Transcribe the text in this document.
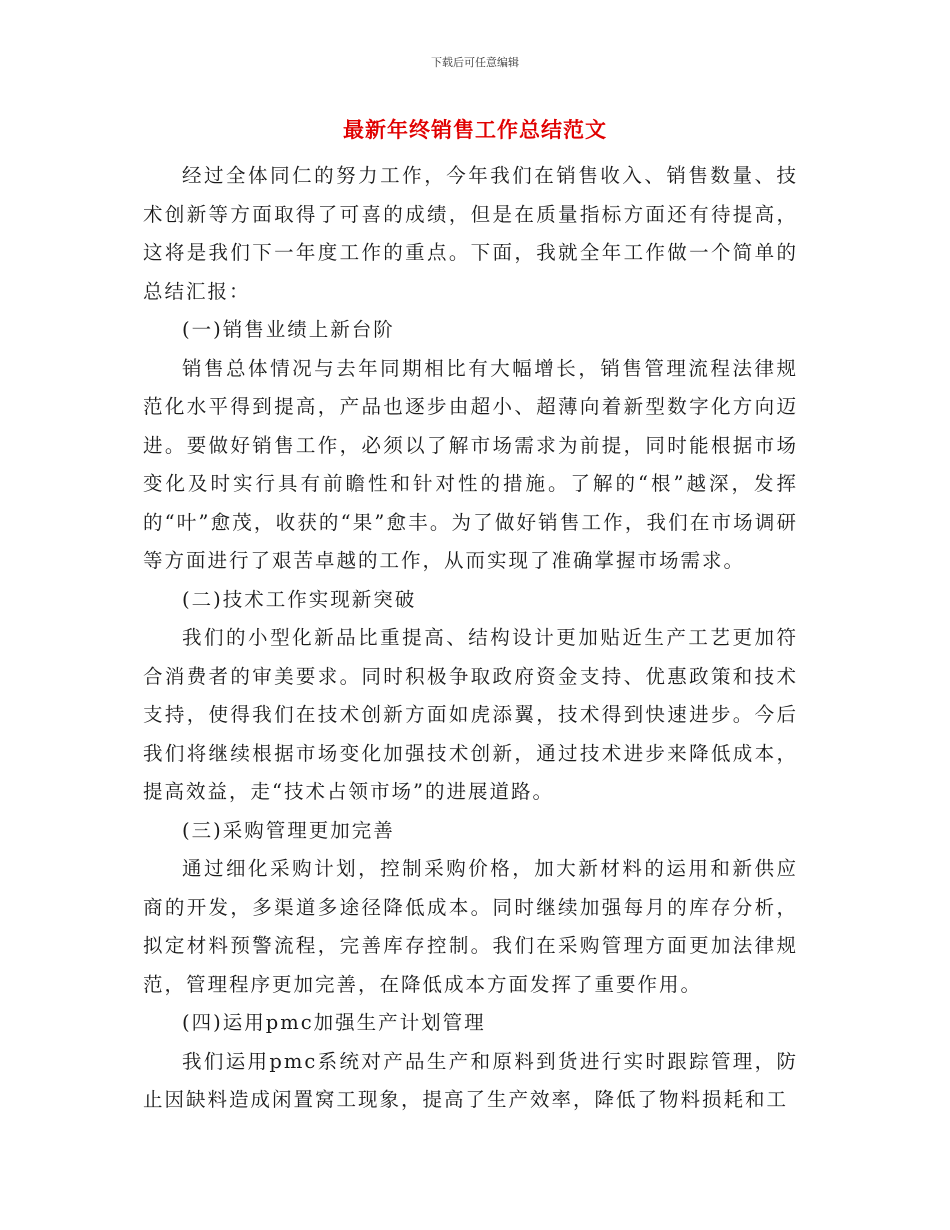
下载后可任意编辑
最新年终销售工作总结范文

经过全体同仁的努力工作，今年我们在销售收入、销售数量、技术创新等方面取得了可喜的成绩，但是在质量指标方面还有待提高，这将是我们下一年度工作的重点。下面，我就全年工作做一个简单的总结汇报：

(一)销售业绩上新台阶

销售总体情况与去年同期相比有大幅增长，销售管理流程法律规范化水平得到提高，产品也逐步由超小、超薄向着新型数字化方向迈进。要做好销售工作，必须以了解市场需求为前提，同时能根据市场变化及时实行具有前瞻性和针对性的措施。了解的“根”越深，发挥的“叶”愈茂，收获的“果”愈丰。为了做好销售工作，我们在市场调研等方面进行了艰苦卓越的工作，从而实现了准确掌握市场需求。

(二)技术工作实现新突破

我们的小型化新品比重提高、结构设计更加贴近生产工艺更加符合消费者的审美要求。同时积极争取政府资金支持、优惠政策和技术支持，使得我们在技术创新方面如虎添翼，技术得到快速进步。今后我们将继续根据市场变化加强技术创新，通过技术进步来降低成本，提高效益，走“技术占领市场”的进展道路。

(三)采购管理更加完善

通过细化采购计划，控制采购价格，加大新材料的运用和新供应商的开发，多渠道多途径降低成本。同时继续加强每月的库存分析，拟定材料预警流程，完善库存控制。我们在采购管理方面更加法律规范，管理程序更加完善，在降低成本方面发挥了重要作用。

(四)运用pmc加强生产计划管理

我们运用pmc系统对产品生产和原料到货进行实时跟踪管理，防止因缺料造成闲置窝工现象，提高了生产效率，降低了物料损耗和工
